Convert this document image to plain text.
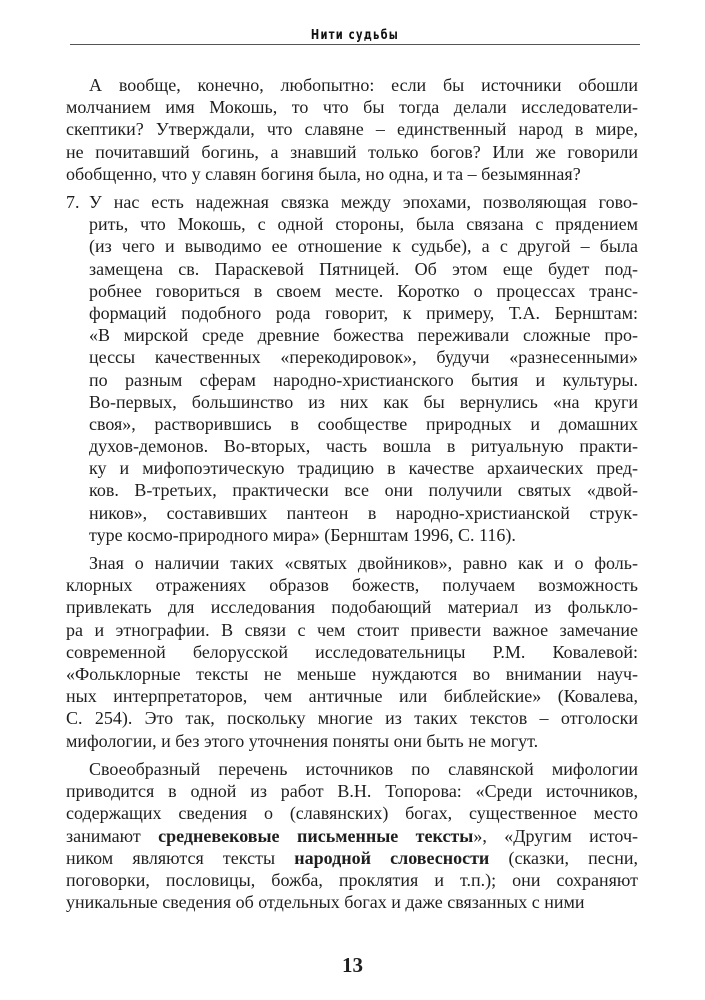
Нити судьбы
А вообще, конечно, любопытно: если бы источники обошли
молчанием имя Мокошь, то что бы тогда делали исследователи-
скептики? Утверждали, что славяне – единственный народ в мире,
не почитавший богинь, а знавший только богов? Или же говорили
обобщенно, что у славян богиня была, но одна, и та – безымянная?
7. У нас есть надежная связка между эпохами, позволяющая гово-
рить, что Мокошь, с одной стороны, была связана с прядением
(из чего и выводимо ее отношение к судьбе), а с другой – была
замещена св. Параскевой Пятницей. Об этом еще будет под-
робнее говориться в своем месте. Коротко о процессах транс-
формаций подобного рода говорит, к примеру, Т.А. Бернштам:
«В мирской среде древние божества переживали сложные про-
цессы качественных «перекодировок», будучи «разнесенными»
по разным сферам народно-христианского бытия и культуры.
Во-первых, большинство из них как бы вернулись «на круги
своя», растворившись в сообществе природных и домашних
духов-демонов. Во-вторых, часть вошла в ритуальную практи-
ку и мифопоэтическую традицию в качестве архаических пред-
ков. В-третьих, практически все они получили святых «двой-
ников», составивших пантеон в народно-христианской струк-
туре космо-природного мира» (Бернштам 1996, С. 116).
Зная о наличии таких «святых двойников», равно как и о фоль-
клорных отражениях образов божеств, получаем возможность
привлекать для исследования подобающий материал из фольклo-
ра и этнографии. В связи с чем стоит привести важное замечание
современной белорусской исследовательницы Р.М. Ковалевой:
«Фольклорные тексты не меньше нуждаются во внимании науч-
ных интерпретаторов, чем античные или библейские» (Ковалева,
С. 254). Это так, поскольку многие из таких текстов – отголоски
мифологии, и без этого уточнения поняты они быть не могут.
Своеобразный перечень источников по славянской мифологии
приводится в одной из работ В.Н. Топорова: «Среди источников,
содержащих сведения о (славянских) богах, существенное место
занимают средневековые письменные тексты», «Другим источ-
ником являются тексты народной словесности (сказки, песни,
поговорки, пословицы, божба, проклятия и т.п.); они сохраняют
уникальные сведения об отдельных богах и даже связанных с ними
13
